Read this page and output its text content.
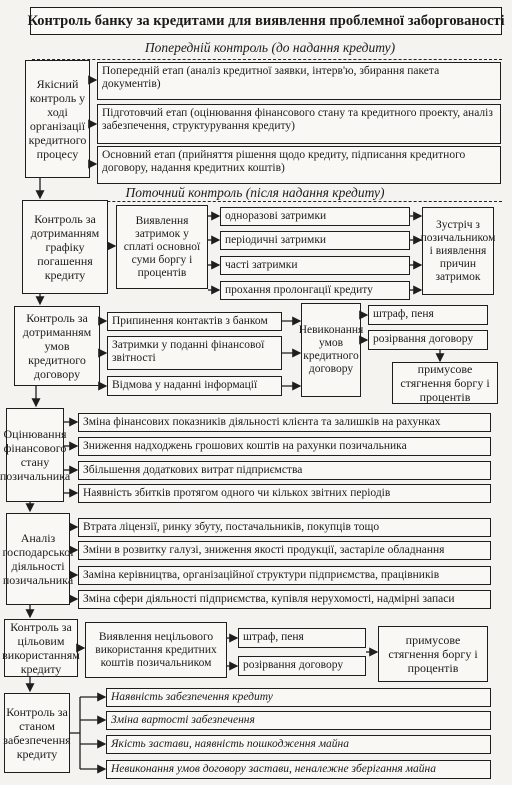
Контроль банку за кредитами для виявлення проблемної заборгованості
Попередній контроль (до надання кредиту)
Якісний контроль у ході організації кредитного процесу
Попередній етап (аналіз кредитної заявки, інтерв'ю, збирання пакета документів)
Підготовчий етап (оцінювання фінансового стану та кредитного проекту, аналіз забезпечення, структурування кредиту)
Основний етап (прийняття рішення щодо кредиту, підписання кредитного договору, надання кредитних коштів)
Поточний контроль (після надання кредиту)
Контроль за дотриманням графіку погашення кредиту
Виявлення затримок у сплаті основної суми боргу і процентів
одноразові затримки
періодичні затримки
часті затримки
прохання пролонгації кредиту
Зустріч з позичальником і виявлення причин затримок
Контроль за дотриманням умов кредитного договору
Припинення контактів з банком
Затримки у поданні фінансової звітності
Відмова у наданні інформації
Невиконання умов кредитного договору
штраф, пеня
розірвання договору
примусове стягнення боргу і процентів
Оцінювання фінансового стану позичальника
Зміна фінансових показників діяльності клієнта та залишків на рахунках
Зниження надходжень грошових коштів на рахунки позичальника
Збільшення додаткових витрат підприємства
Наявність збитків протягом одного чи кількох звітних періодів
Аналіз господарської діяльності позичальника
Втрата ліцензії, ринку збуту, постачальників, покупців тощо
Зміни в розвитку галузі, зниження якості продукції, застаріле обладнання
Заміна керівництва, організаційної структури підприємства, працівників
Зміна сфери діяльності підприємства, купівля нерухомості, надмірні запаси
Контроль за цільовим використанням кредиту
Виявлення нецільового використання кредитних коштів позичальником
штраф, пеня
розірвання договору
примусове стягнення боргу і процентів
Контроль за станом забезпечення кредиту
Наявність забезпечення кредиту
Зміна вартості забезпечення
Якість застави, наявність пошкодження майна
Невиконання умов договору застави, неналежне зберігання майна
